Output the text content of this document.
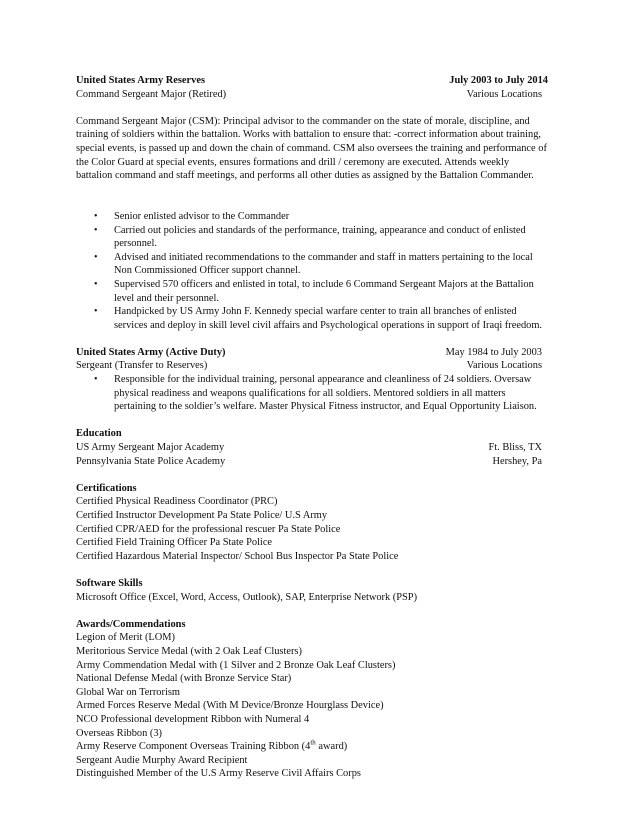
United States Army Reserves	July 2003 to July 2014
Command Sergeant Major (Retired)	Various Locations

Command Sergeant Major (CSM): Principal advisor to the commander on the state of morale, discipline, and training of soldiers within the battalion. Works with battalion to ensure that: -correct information about training, special events, is passed up and down the chain of command. CSM also oversees the training and performance of the Color Guard at special events, ensures formations and drill / ceremony are executed. Attends weekly battalion command and staff meetings, and performs all other duties as assigned by the Battalion Commander.

• Senior enlisted advisor to the Commander
• Carried out policies and standards of the performance, training, appearance and conduct of enlisted personnel.
• Advised and initiated recommendations to the commander and staff in matters pertaining to the local Non Commissioned Officer support channel.
• Supervised 570 officers and enlisted in total, to include 6 Command Sergeant Majors at the Battalion level and their personnel.
• Handpicked by US Army John F. Kennedy special warfare center to train all branches of enlisted services and deploy in skill level civil affairs and Psychological operations in support of Iraqi freedom.
United States Army (Active Duty)	May 1984 to July 2003
Sergeant (Transfer to Reserves)	Various Locations
• Responsible for the individual training, personal appearance and cleanliness of 24 soldiers. Oversaw physical readiness and weapons qualifications for all soldiers. Mentored soldiers in all matters pertaining to the soldier’s welfare. Master Physical Fitness instructor, and Equal Opportunity Liaison.
Education
US Army Sergeant Major Academy	Ft. Bliss, TX
Pennsylvania State Police Academy	Hershey, Pa
Certifications
Certified Physical Readiness Coordinator (PRC)
Certified Instructor Development Pa State Police/ U.S Army
Certified CPR/AED for the professional rescuer Pa State Police
Certified Field Training Officer Pa State Police
Certified Hazardous Material Inspector/ School Bus Inspector Pa State Police
Software Skills
Microsoft Office (Excel, Word, Access, Outlook), SAP, Enterprise Network (PSP)
Awards/Commendations
Legion of Merit (LOM)
Meritorious Service Medal (with 2 Oak Leaf Clusters)
Army Commendation Medal with (1 Silver and 2 Bronze Oak Leaf Clusters)
National Defense Medal (with Bronze Service Star)
Global War on Terrorism
Armed Forces Reserve Medal (With M Device/Bronze Hourglass Device)
NCO Professional development Ribbon with Numeral 4
Overseas Ribbon (3)
Army Reserve Component Overseas Training Ribbon (4th award)
Sergeant Audie Murphy Award Recipient
Distinguished Member of the U.S Army Reserve Civil Affairs Corps
